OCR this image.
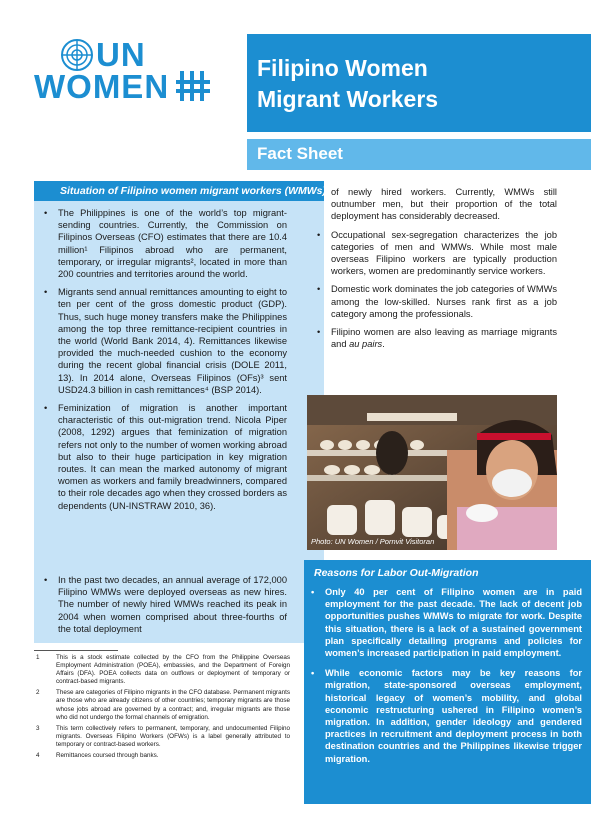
UN
WOMEN	Filipino Women
Migrant Workers
Fact Sheet
Situation of Filipino women migrant workers (WMWs)
• The Philippines is one of the world’s top migrant-sending countries. Currently, the Commission on Filipinos Overseas (CFO) estimates that there are 10.4 million¹ Filipinos abroad who are permanent, temporary, or irregular migrants², located in more than 200 countries and territories around the world.
• Migrants send annual remittances amounting to eight to ten per cent of the gross domestic product (GDP). Thus, such huge money transfers make the Philippines among the top three remittance-recipient countries in the world (World Bank 2014, 4). Remittances likewise provided the much-needed cushion to the economy during the recent global financial crisis (DOLE 2011, 13). In 2014 alone, Overseas Filipinos (OFs)³ sent USD24.3 billion in cash remittances⁴ (BSP 2014).
• Feminization of migration is another important characteristic of this out-migration trend. Nicola Piper (2008, 1292) argues that feminization of migration refers not only to the number of women working abroad but also to their huge participation in key migration routes. It can mean the marked autonomy of migrant women as workers and family breadwinners, compared to their role decades ago when they crossed borders as dependents (UN-INSTRAW 2010, 36).
• In the past two decades, an annual average of 172,000 Filipino WMWs were deployed overseas as new hires. The number of newly hired WMWs reached its peak in 2004 when women comprised about three-fourths of the total deployment
of newly hired workers. Currently, WMWs still outnumber men, but their proportion of the total deployment has considerably decreased.
• Occupational sex-segregation characterizes the job categories of men and WMWs. While most male overseas Filipino workers are typically production workers, women are predominantly service workers.
• Domestic work dominates the job categories of WMWs among the low-skilled. Nurses rank first as a job category among the professionals.
• Filipino women are also leaving as marriage migrants and au pairs.
Photo: UN Women / Pornvit Visitoran
Reasons for Labor Out-Migration
• Only 40 per cent of Filipino women are in paid employment for the past decade. The lack of decent job opportunities pushes WMWs to migrate for work. Despite this situation, there is a lack of a sustained government plan specifically detailing programs and policies for women’s increased participation in paid employment.
• While economic factors may be key reasons for migration, state-sponsored overseas employment, historical legacy of women’s mobility, and global economic restructuring ushered in Filipino women’s migration. In addition, gender ideology and gendered practices in recruitment and deployment process in both destination countries and the Philippines likewise trigger migration.
1	This is a stock estimate collected by the CFO from the Philippine Overseas Employment Administration (POEA), embassies, and the Department of Foreign Affairs (DFA). POEA collects data on outflows or deployment of temporary or contract-based migrants.
2	These are categories of Filipino migrants in the CFO database. Permanent migrants are those who are already citizens of other countries; temporary migrants are those whose jobs abroad are governed by a contract; and, irregular migrants are those who did not undergo the formal channels of emigration.
3	This term collectively refers to permanent, temporary, and undocumented Filipino migrants. Overseas Filipino Workers (OFWs) is a label generally attributed to temporary or contract-based workers.
4	Remittances coursed through banks.
